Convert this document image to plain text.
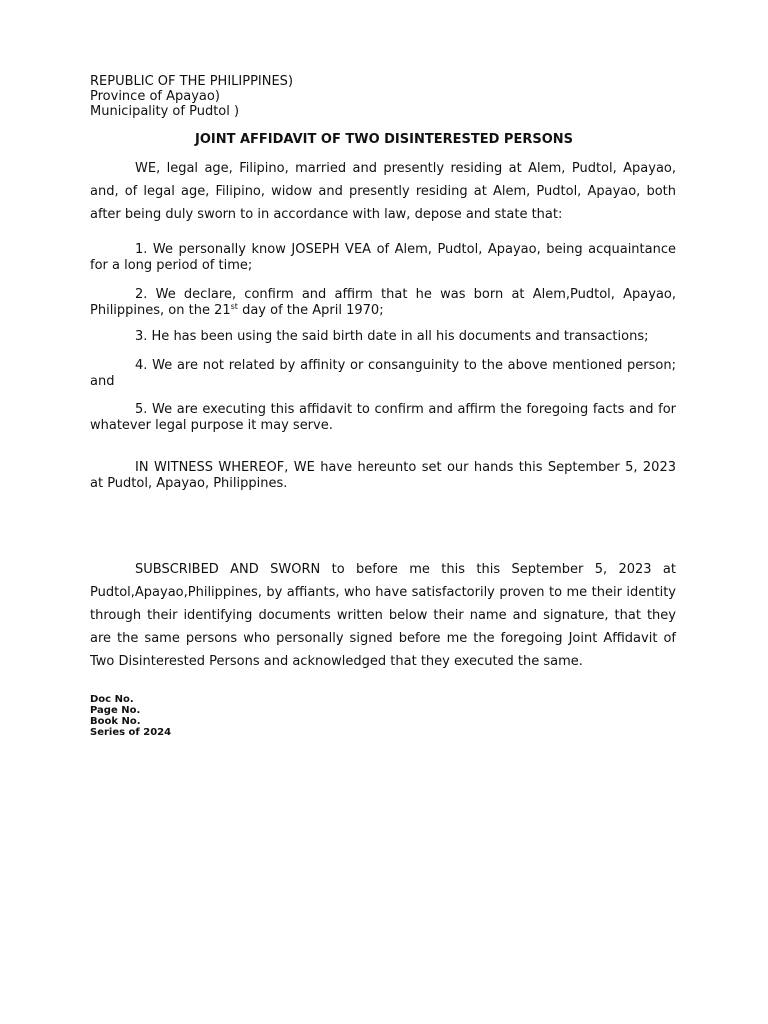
REPUBLIC OF THE PHILIPPINES)

Province of Apayao)

Municipality of Pudtol )

JOINT AFFIDAVIT OF TWO DISINTERESTED PERSONS

WE, legal age, Filipino, married and presently residing at Alem, Pudtol, Apayao, and, of legal age, Filipino, widow and presently residing at Alem, Pudtol, Apayao, both after being duly sworn to in accordance with law, depose and state that:

1. We personally know JOSEPH VEA of Alem, Pudtol, Apayao, being acquaintance for a long period of time;

2. We declare, confirm and affirm that he was born at Alem,Pudtol, Apayao, Philippines, on the 21st day of the April 1970;

3. He has been using the said birth date in all his documents and transactions;

4. We are not related by affinity or consanguinity to the above mentioned person; and

5. We are executing this affidavit to confirm and affirm the foregoing facts and for whatever legal purpose it may serve.

IN WITNESS WHEREOF, WE have hereunto set our hands this September 5, 2023 at Pudtol, Apayao, Philippines.

SUBSCRIBED AND SWORN to before me this this September 5, 2023 at Pudtol,Apayao,Philippines, by affiants, who have satisfactorily proven to me their identity through their identifying documents written below their name and signature, that they are the same persons who personally signed before me the foregoing Joint Affidavit of Two Disinterested Persons and acknowledged that they executed the same.

Doc No.

Page No.

Book No.

Series of 2024
